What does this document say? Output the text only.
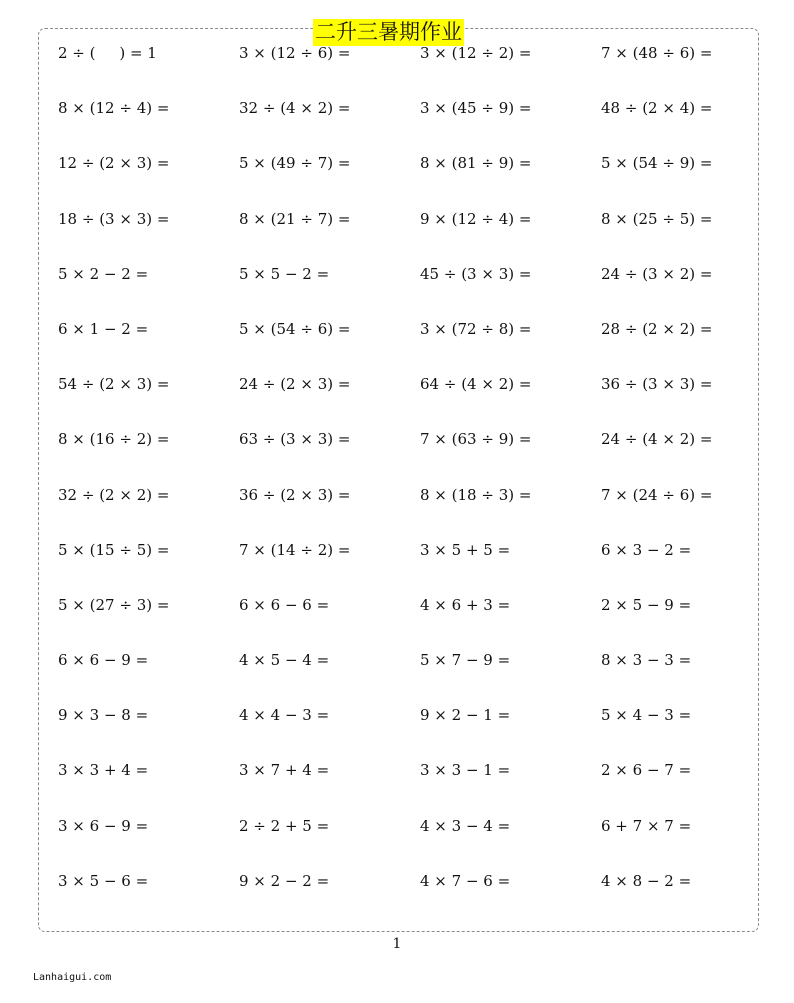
二升三暑期作业
2 ÷ (     ) = 1	3 × (12 ÷ 6) =	3 × (12 ÷ 2) =	7 × (48 ÷ 6) =
8 × (12 ÷ 4) =	32 ÷ (4 × 2) =	3 × (45 ÷ 9) =	48 ÷ (2 × 4) =
12 ÷ (2 × 3) =	5 × (49 ÷ 7) =	8 × (81 ÷ 9) =	5 × (54 ÷ 9) =
18 ÷ (3 × 3) =	8 × (21 ÷ 7) =	9 × (12 ÷ 4) =	8 × (25 ÷ 5) =
5 × 2 − 2 =	5 × 5 − 2 =	45 ÷ (3 × 3) =	24 ÷ (3 × 2) =
6 × 1 − 2 =	5 × (54 ÷ 6) =	3 × (72 ÷ 8) =	28 ÷ (2 × 2) =
54 ÷ (2 × 3) =	24 ÷ (2 × 3) =	64 ÷ (4 × 2) =	36 ÷ (3 × 3) =
8 × (16 ÷ 2) =	63 ÷ (3 × 3) =	7 × (63 ÷ 9) =	24 ÷ (4 × 2) =
32 ÷ (2 × 2) =	36 ÷ (2 × 3) =	8 × (18 ÷ 3) =	7 × (24 ÷ 6) =
5 × (15 ÷ 5) =	7 × (14 ÷ 2) =	3 × 5 + 5 =	6 × 3 − 2 =
5 × (27 ÷ 3) =	6 × 6 − 6 =	4 × 6 + 3 =	2 × 5 − 9 =
6 × 6 − 9 =	4 × 5 − 4 =	5 × 7 − 9 =	8 × 3 − 3 =
9 × 3 − 8 =	4 × 4 − 3 =	9 × 2 − 1 =	5 × 4 − 3 =
3 × 3 + 4 =	3 × 7 + 4 =	3 × 3 − 1 =	2 × 6 − 7 =
3 × 6 − 9 =	2 ÷ 2 + 5 =	4 × 3 − 4 =	6 + 7 × 7 =
3 × 5 − 6 =	9 × 2 − 2 =	4 × 7 − 6 =	4 × 8 − 2 =
1
Lanhaigui.com
